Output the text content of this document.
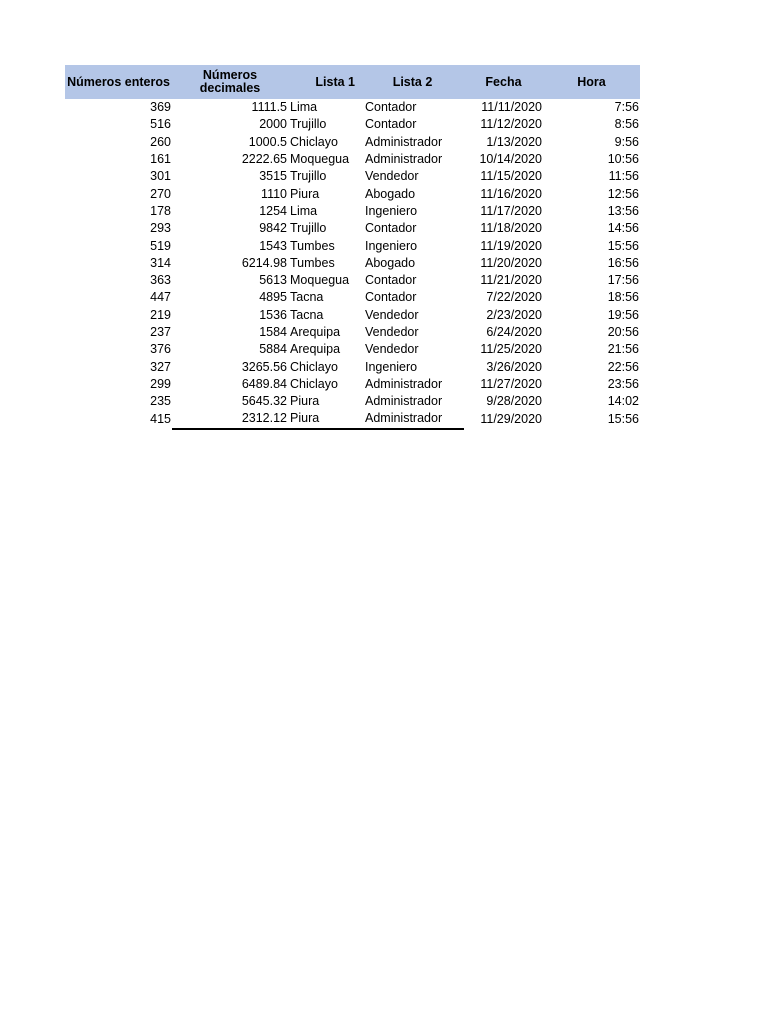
Números enteros	Números decimales	Lista 1	Lista 2	Fecha	Hora
369	1111.5	Lima	Contador	11/11/2020	7:56
516	2000	Trujillo	Contador	11/12/2020	8:56
260	1000.5	Chiclayo	Administrador	1/13/2020	9:56
161	2222.65	Moquegua	Administrador	10/14/2020	10:56
301	3515	Trujillo	Vendedor	11/15/2020	11:56
270	1110	Piura	Abogado	11/16/2020	12:56
178	1254	Lima	Ingeniero	11/17/2020	13:56
293	9842	Trujillo	Contador	11/18/2020	14:56
519	1543	Tumbes	Ingeniero	11/19/2020	15:56
314	6214.98	Tumbes	Abogado	11/20/2020	16:56
363	5613	Moquegua	Contador	11/21/2020	17:56
447	4895	Tacna	Contador	7/22/2020	18:56
219	1536	Tacna	Vendedor	2/23/2020	19:56
237	1584	Arequipa	Vendedor	6/24/2020	20:56
376	5884	Arequipa	Vendedor	11/25/2020	21:56
327	3265.56	Chiclayo	Ingeniero	3/26/2020	22:56
299	6489.84	Chiclayo	Administrador	11/27/2020	23:56
235	5645.32	Piura	Administrador	9/28/2020	14:02
415	2312.12	Piura	Administrador	11/29/2020	15:56
